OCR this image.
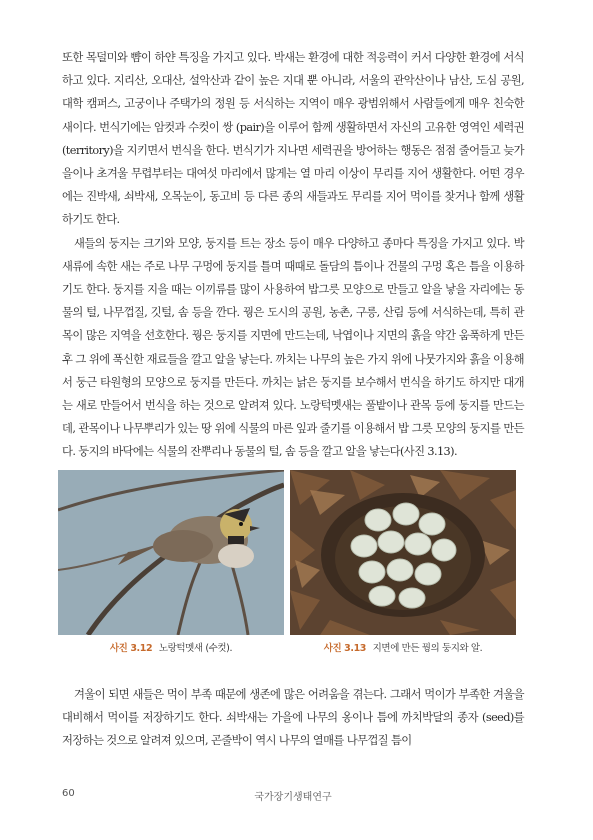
또한 목덜미와 뺨이 하얀 특징을 가지고 있다. 박새는 환경에 대한 적응력이 커서 다양한 환경에 서식하고 있다. 지리산, 오대산, 설악산과 같이 높은 지대 뿐 아니라, 서울의 관악산이나 남산, 도심 공원, 대학 캠퍼스, 고궁이나 주택가의 정원 등 서식하는 지역이 매우 광범위해서 사람들에게 매우 친숙한 새이다. 번식기에는 암컷과 수컷이 쌍 (pair)을 이루어 함께 생활하면서 자신의 고유한 영역인 세력권 (territory)을 지키면서 번식을 한다. 번식기가 지나면 세력권을 방어하는 행동은 점점 줄어들고 늦가을이나 초겨울 무렵부터는 대여섯 마리에서 많게는 열 마리 이상이 무리를 지어 생활한다. 어떤 경우에는 진박새, 쇠박새, 오목눈이, 동고비 등 다른 종의 새들과도 무리를 지어 먹이를 찾거나 함께 생활하기도 한다.

새들의 둥지는 크기와 모양, 둥지를 트는 장소 등이 매우 다양하고 종마다 특징을 가지고 있다. 박새류에 속한 새는 주로 나무 구멍에 둥지를 틀며 때때로 돌담의 틈이나 건물의 구멍 혹은 틈을 이용하기도 한다. 둥지를 지을 때는 이끼류를 많이 사용하여 밥그릇 모양으로 만들고 알을 낳을 자리에는 동물의 털, 나무껍질, 깃털, 솜 등을 깐다. 꿩은 도시의 공원, 농촌, 구릉, 산림 등에 서식하는데, 특히 관목이 많은 지역을 선호한다. 꿩은 둥지를 지면에 만드는데, 낙엽이나 지면의 흙을 약간 움푹하게 만든 후 그 위에 푹신한 재료들을 깔고 알을 낳는다. 까치는 나무의 높은 가지 위에 나뭇가지와 흙을 이용해서 둥근 타원형의 모양으로 둥지를 만든다. 까치는 낡은 둥지를 보수해서 번식을 하기도 하지만 대개는 새로 만들어서 번식을 하는 것으로 알려져 있다. 노랑턱멧새는 풀밭이나 관목 등에 둥지를 만드는데, 관목이나 나무뿌리가 있는 땅 위에 식물의 마른 잎과 줄기를 이용해서 밥 그릇 모양의 둥지를 만든다. 둥지의 바닥에는 식물의 잔뿌리나 동물의 털, 솜 등을 깔고 알을 낳는다(사진 3.13).

사진 3.12 노랑턱멧새 (수컷).	사진 3.13 지면에 만든 꿩의 둥지와 알.

겨울이 되면 새들은 먹이 부족 때문에 생존에 많은 어려움을 겪는다. 그래서 먹이가 부족한 겨울을 대비해서 먹이를 저장하기도 한다. 쇠박새는 가을에 나무의 옹이나 틈에 까치박달의 종자 (seed)를 저장하는 것으로 알려져 있으며, 곤줄박이 역시 나무의 열매를 나무껍질 틈이

60	국가장기생태연구
